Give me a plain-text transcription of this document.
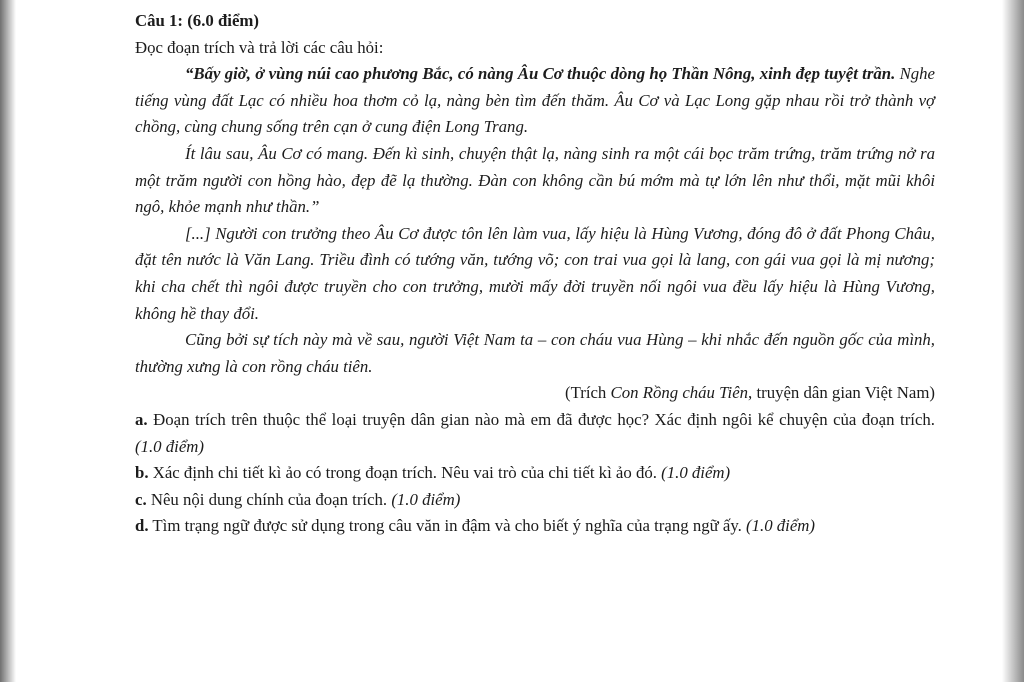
Câu 1: (6.0 điểm)

Đọc đoạn trích và trả lời các câu hỏi:

“Bấy giờ, ở vùng núi cao phương Bắc, có nàng Âu Cơ thuộc dòng họ Thần Nông, xinh đẹp tuyệt trần. Nghe tiếng vùng đất Lạc có nhiều hoa thơm cỏ lạ, nàng bèn tìm đến thăm. Âu Cơ và Lạc Long gặp nhau rồi trở thành vợ chồng, cùng chung sống trên cạn ở cung điện Long Trang.

Ít lâu sau, Âu Cơ có mang. Đến kì sinh, chuyện thật lạ, nàng sinh ra một cái bọc trăm trứng, trăm trứng nở ra một trăm người con hồng hào, đẹp đẽ lạ thường. Đàn con không cần bú mớm mà tự lớn lên như thổi, mặt mũi khôi ngô, khỏe mạnh như thần.”

[...] Người con trưởng theo Âu Cơ được tôn lên làm vua, lấy hiệu là Hùng Vương, đóng đô ở đất Phong Châu, đặt tên nước là Văn Lang. Triều đình có tướng văn, tướng võ; con trai vua gọi là lang, con gái vua gọi là mị nương; khi cha chết thì ngôi được truyền cho con trưởng, mười mấy đời truyền nối ngôi vua đều lấy hiệu là Hùng Vương, không hề thay đổi.

Cũng bởi sự tích này mà về sau, người Việt Nam ta – con cháu vua Hùng – khi nhắc đến nguồn gốc của mình, thường xưng là con rồng cháu tiên.

(Trích Con Rồng cháu Tiên, truyện dân gian Việt Nam)

a. Đoạn trích trên thuộc thể loại truyện dân gian nào mà em đã được học? Xác định ngôi kể chuyện của đoạn trích. (1.0 điểm)

b. Xác định chi tiết kì ảo có trong đoạn trích. Nêu vai trò của chi tiết kì ảo đó. (1.0 điểm)

c. Nêu nội dung chính của đoạn trích. (1.0 điểm)

d. Tìm trạng ngữ được sử dụng trong câu văn in đậm và cho biết ý nghĩa của trạng ngữ ấy. (1.0 điểm)
